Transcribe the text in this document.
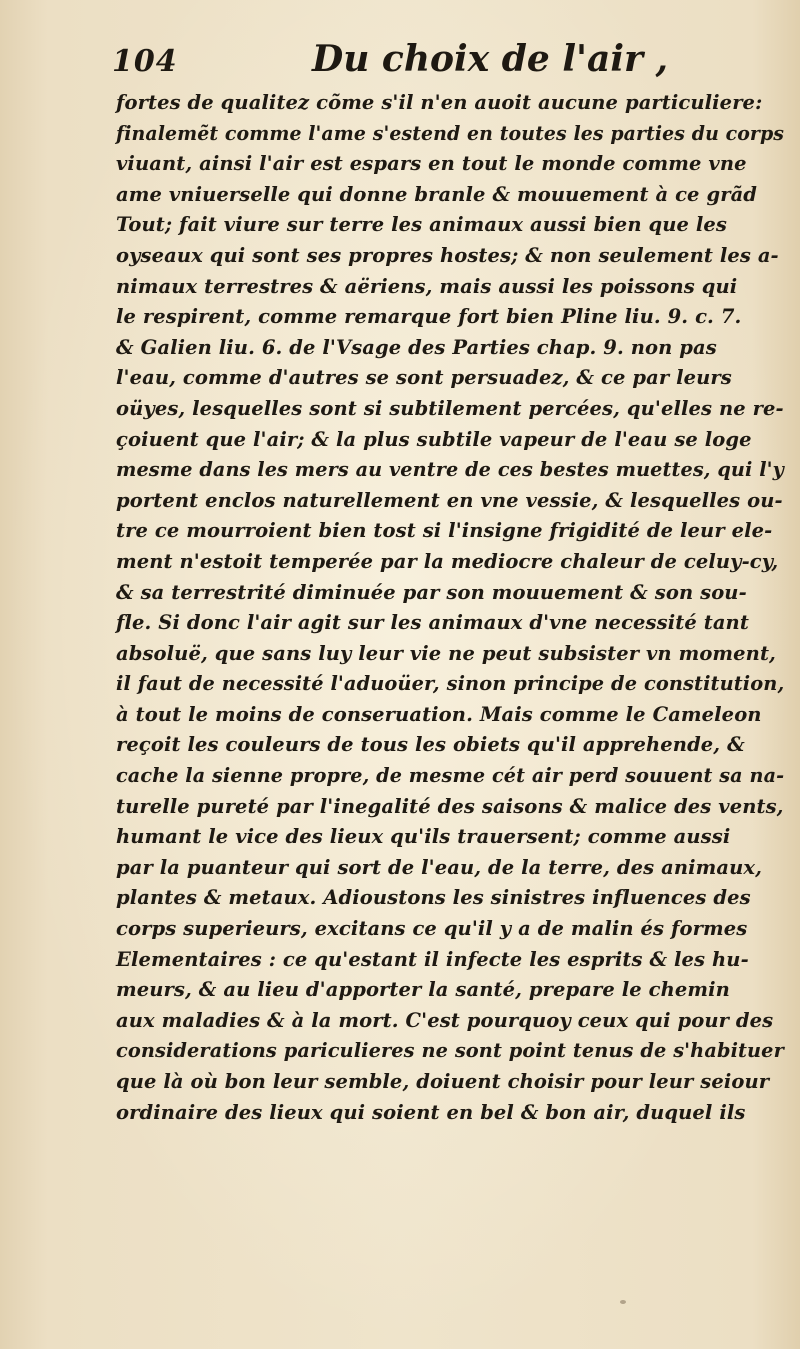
104	Du choix de l'air ,
fortes de qualitez cõme s'il n'en auoit aucune particuliere:
finalemẽt comme l'ame s'estend en toutes les parties du corps
viuant, ainsi l'air est espars en tout le monde comme vne
ame vniuerselle qui donne branle & mouuement à ce grãd
Tout; fait viure sur terre les animaux aussi bien que les
oyseaux qui sont ses propres hostes; & non seulement les a-
nimaux terrestres & aëriens, mais aussi les poissons qui
le respirent, comme remarque fort bien Pline liu. 9. c. 7.
& Galien liu. 6. de l'Vsage des Parties chap. 9. non pas
l'eau, comme d'autres se sont persuadez, & ce par leurs
oüyes, lesquelles sont si subtilement percées, qu'elles ne re-
çoiuent que l'air; & la plus subtile vapeur de l'eau se loge
mesme dans les mers au ventre de ces bestes muettes, qui l'y
portent enclos naturellement en vne vessie, & lesquelles ou-
tre ce mourroient bien tost si l'insigne frigidité de leur ele-
ment n'estoit temperée par la mediocre chaleur de celuy-cy,
& sa terrestrité diminuée par son mouuement & son sou-
fle. Si donc l'air agit sur les animaux d'vne necessité tant
absoluë, que sans luy leur vie ne peut subsister vn moment,
il faut de necessité l'aduoüer, sinon principe de constitution,
à tout le moins de conseruation. Mais comme le Cameleon
reçoit les couleurs de tous les obiets qu'il apprehende, &
cache la sienne propre, de mesme cét air perd souuent sa na-
turelle pureté par l'inegalité des saisons & malice des vents,
humant le vice des lieux qu'ils trauersent; comme aussi
par la puanteur qui sort de l'eau, de la terre, des animaux,
plantes & metaux. Adioustons les sinistres influences des
corps superieurs, excitans ce qu'il y a de malin és formes
Elementaires : ce qu'estant il infecte les esprits & les hu-
meurs, & au lieu d'apporter la santé, prepare le chemin
aux maladies & à la mort. C'est pourquoy ceux qui pour des
considerations pariculieres ne sont point tenus de s'habituer
que là où bon leur semble, doiuent choisir pour leur seiour
ordinaire des lieux qui soient en bel & bon air, duquel ils
